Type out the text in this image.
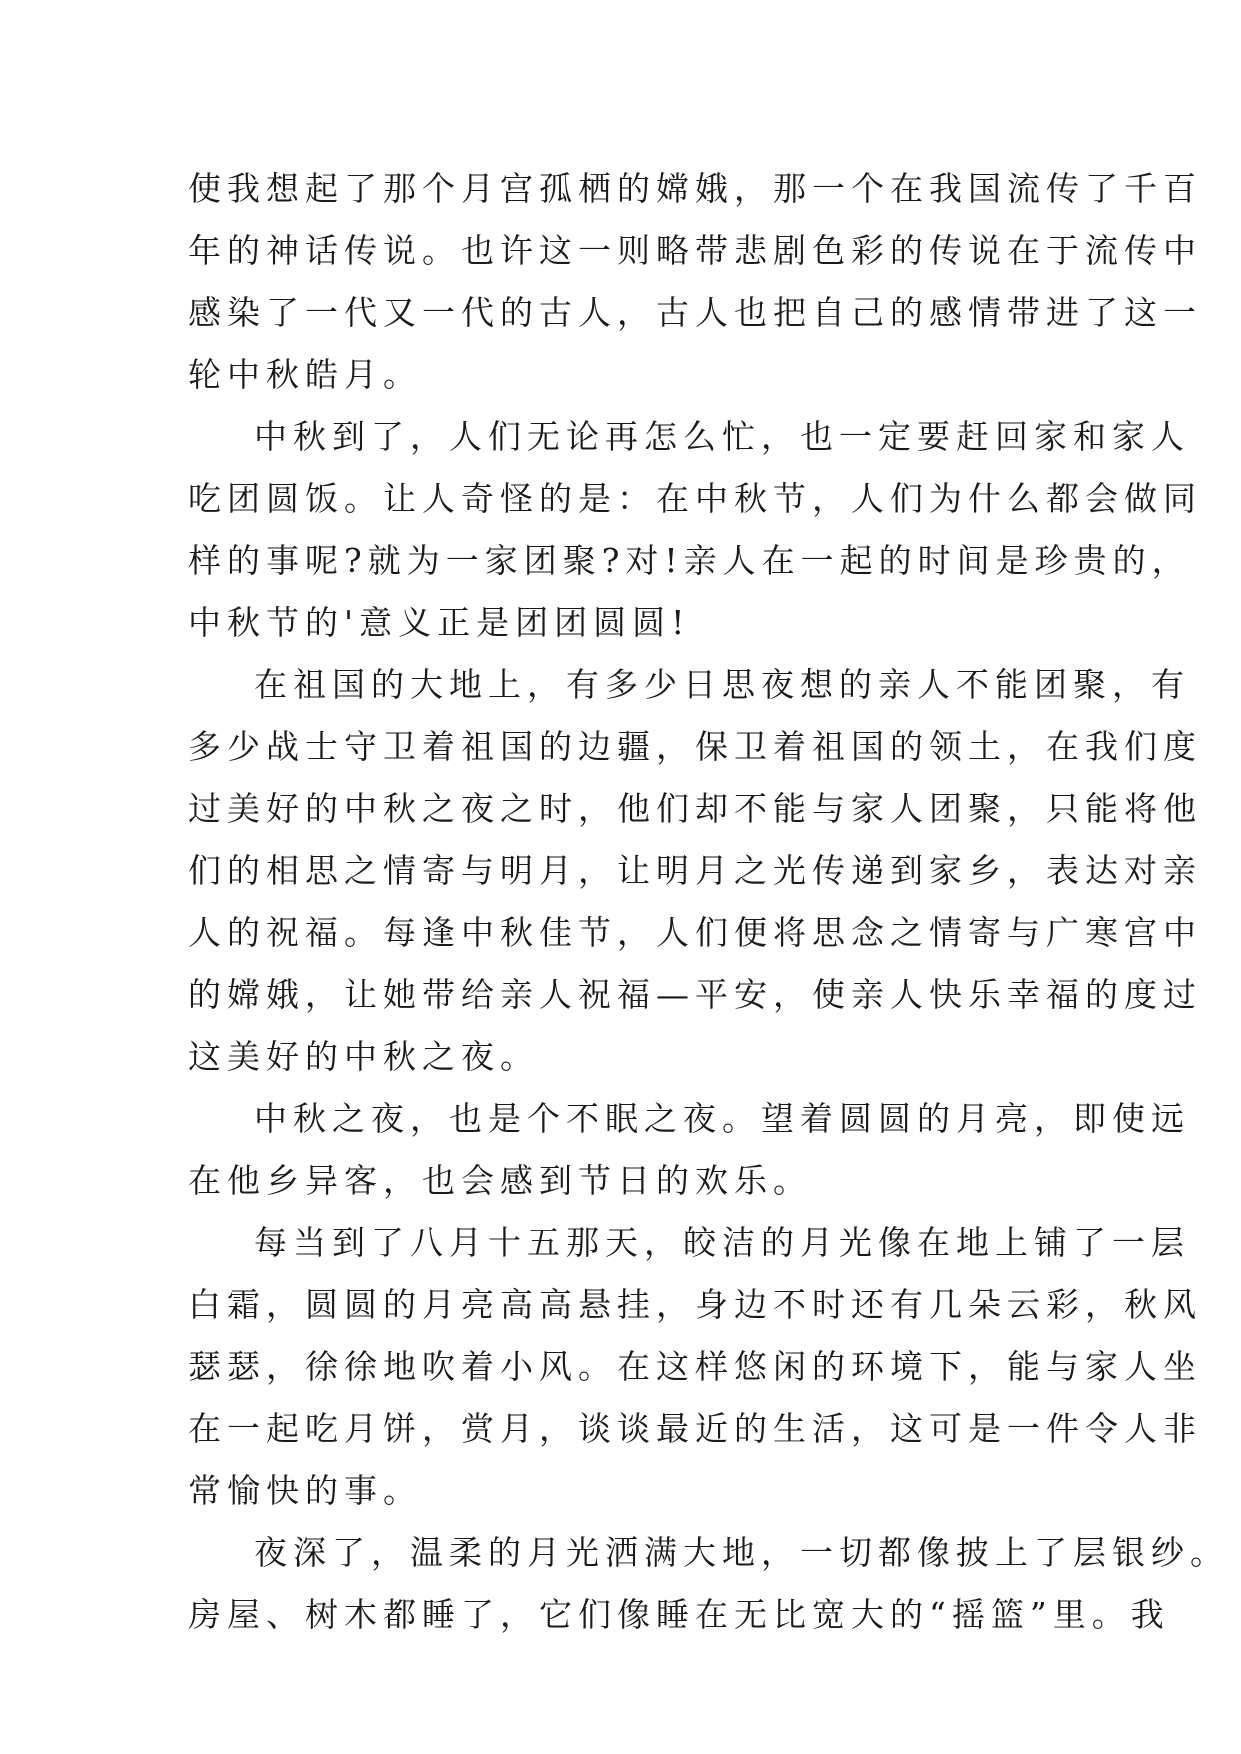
使我想起了那个月宫孤栖的嫦娥，那一个在我国流传了千百
年的神话传说。也许这一则略带悲剧色彩的传说在于流传中
感染了一代又一代的古人，古人也把自己的感情带进了这一
轮中秋皓月。
中秋到了，人们无论再怎么忙，也一定要赶回家和家人
吃团圆饭。让人奇怪的是：在中秋节，人们为什么都会做同
样的事呢?就为一家团聚?对!亲人在一起的时间是珍贵的，
中秋节的'意义正是团团圆圆!
在祖国的大地上，有多少日思夜想的亲人不能团聚，有
多少战士守卫着祖国的边疆，保卫着祖国的领土，在我们度
过美好的中秋之夜之时，他们却不能与家人团聚，只能将他
们的相思之情寄与明月，让明月之光传递到家乡，表达对亲
人的祝福。每逢中秋佳节，人们便将思念之情寄与广寒宫中
的嫦娥，让她带给亲人祝福—平安，使亲人快乐幸福的度过
这美好的中秋之夜。
中秋之夜，也是个不眠之夜。望着圆圆的月亮，即使远
在他乡异客，也会感到节日的欢乐。
每当到了八月十五那天，皎洁的月光像在地上铺了一层
白霜，圆圆的月亮高高悬挂，身边不时还有几朵云彩，秋风
瑟瑟，徐徐地吹着小风。在这样悠闲的环境下，能与家人坐
在一起吃月饼，赏月，谈谈最近的生活，这可是一件令人非
常愉快的事。
夜深了，温柔的月光洒满大地，一切都像披上了层银纱。
房屋、树木都睡了，它们像睡在无比宽大的“摇篮”里。我
